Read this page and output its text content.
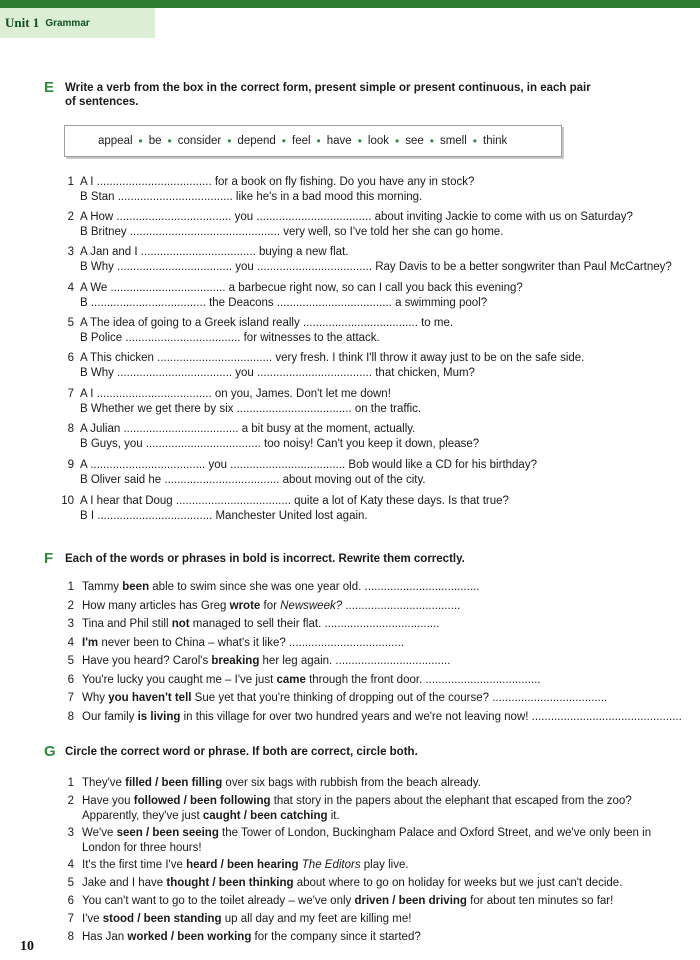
Unit 1 Grammar
E Write a verb from the box in the correct form, present simple or present continuous, in each pair
of sentences.
appeal • be • consider • depend • feel • have • look • see • smell • think
1 A I .................................... for a book on fly fishing. Do you have any in stock?
B Stan .................................... like he's in a bad mood this morning.
2 A How .................................... you .................................... about inviting Jackie to come with us on Saturday?
B Britney ............................................... very well, so I've told her she can go home.
3 A Jan and I .................................... buying a new flat.
B Why .................................... you .................................... Ray Davis to be a better songwriter than Paul McCartney?
4 A We .................................... a barbecue right now, so can I call you back this evening?
B .................................... the Deacons .................................... a swimming pool?
5 A The idea of going to a Greek island really .................................... to me.
B Police .................................... for witnesses to the attack.
6 A This chicken .................................... very fresh. I think I'll throw it away just to be on the safe side.
B Why .................................... you .................................... that chicken, Mum?
7 A I .................................... on you, James. Don't let me down!
B Whether we get there by six .................................... on the traffic.
8 A Julian .................................... a bit busy at the moment, actually.
B Guys, you .................................... too noisy! Can't you keep it down, please?
9 A .................................... you .................................... Bob would like a CD for his birthday?
B Oliver said he .................................... about moving out of the city.
10 A I hear that Doug .................................... quite a lot of Katy these days. Is that true?
B I .................................... Manchester United lost again.
F Each of the words or phrases in bold is incorrect. Rewrite them correctly.
1 Tammy been able to swim since she was one year old. ....................................
2 How many articles has Greg wrote for Newsweek? ....................................
3 Tina and Phil still not managed to sell their flat. ....................................
4 I'm never been to China – what's it like? ....................................
5 Have you heard? Carol's breaking her leg again. ....................................
6 You're lucky you caught me – I've just came through the front door. ....................................
7 Why you haven't tell Sue yet that you're thinking of dropping out of the course? ....................................
8 Our family is living in this village for over two hundred years and we're not leaving now! ...............................................
G Circle the correct word or phrase. If both are correct, circle both.
1 They've filled / been filling over six bags with rubbish from the beach already.
2 Have you followed / been following that story in the papers about the elephant that escaped from the zoo?
Apparently, they've just caught / been catching it.
3 We've seen / been seeing the Tower of London, Buckingham Palace and Oxford Street, and we've only been in
London for three hours!
4 It's the first time I've heard / been hearing The Editors play live.
5 Jake and I have thought / been thinking about where to go on holiday for weeks but we just can't decide.
6 You can't want to go to the toilet already – we've only driven / been driving for about ten minutes so far!
7 I've stood / been standing up all day and my feet are killing me!
8 Has Jan worked / been working for the company since it started?
10
